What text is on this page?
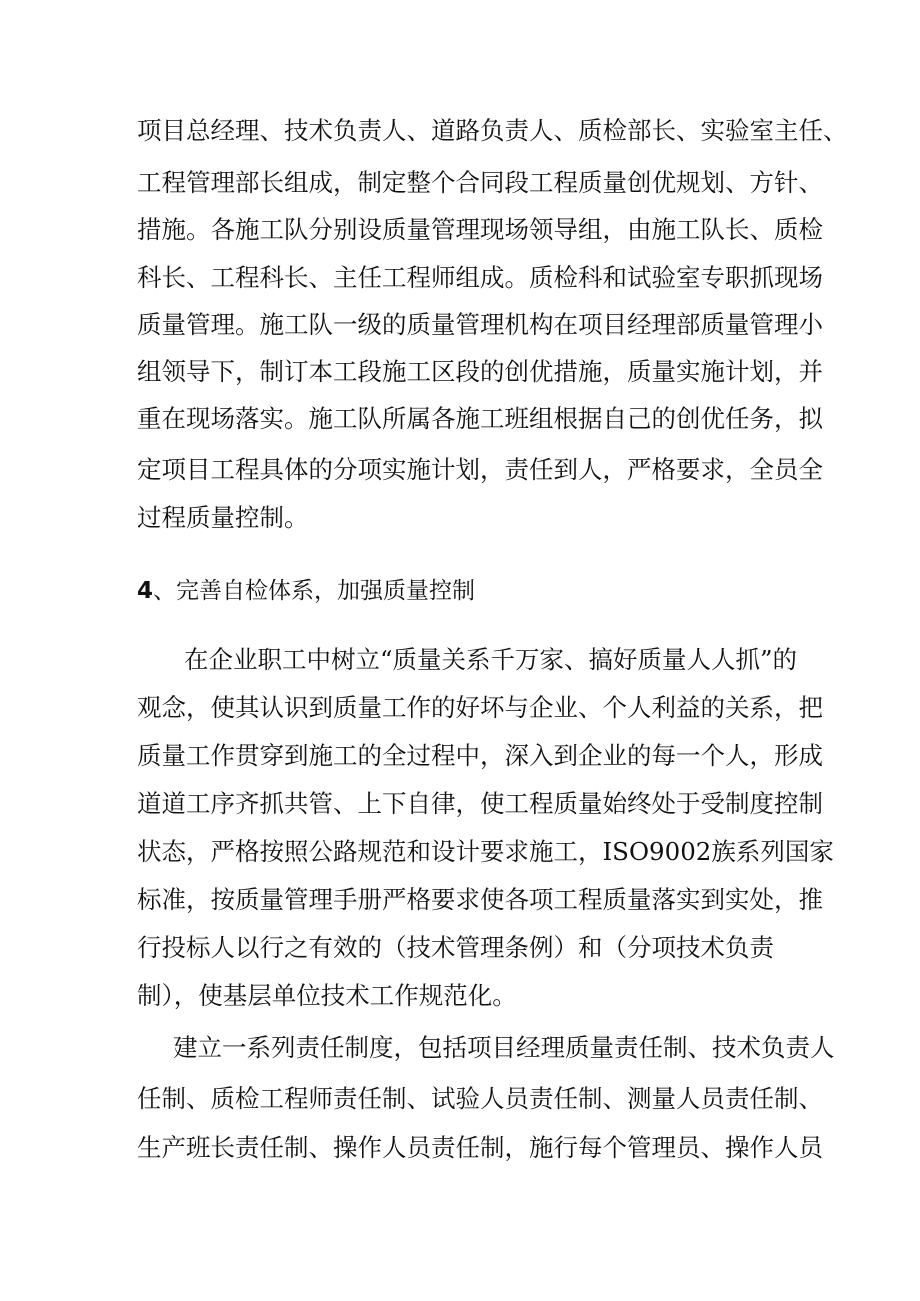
项目总经理、技术负责人、道路负责人、质检部长、实验室主任、
工程管理部长组成，制定整个合同段工程质量创优规划、方针、
措施。各施工队分别设质量管理现场领导组，由施工队长、质检
科长、工程科长、主任工程师组成。质检科和试验室专职抓现场
质量管理。施工队一级的质量管理机构在项目经理部质量管理小
组领导下，制订本工段施工区段的创优措施，质量实施计划，并
重在现场落实。施工队所属各施工班组根据自己的创优任务，拟
定项目工程具体的分项实施计划，责任到人，严格要求，全员全
过程质量控制。
4、完善自检体系，加强质量控制
在企业职工中树立“质量关系千万家、搞好质量人人抓”的
观念，使其认识到质量工作的好坏与企业、个人利益的关系，把
质量工作贯穿到施工的全过程中，深入到企业的每一个人，形成
道道工序齐抓共管、上下自律，使工程质量始终处于受制度控制
状态，严格按照公路规范和设计要求施工，ISO9002族系列国家
标准，按质量管理手册严格要求使各项工程质量落实到实处，推
行投标人以行之有效的（技术管理条例）和（分项技术负责
制），使基层单位技术工作规范化。
建立一系列责任制度，包括项目经理质量责任制、技术负责人
任制、质检工程师责任制、试验人员责任制、测量人员责任制、
生产班长责任制、操作人员责任制，施行每个管理员、操作人员
